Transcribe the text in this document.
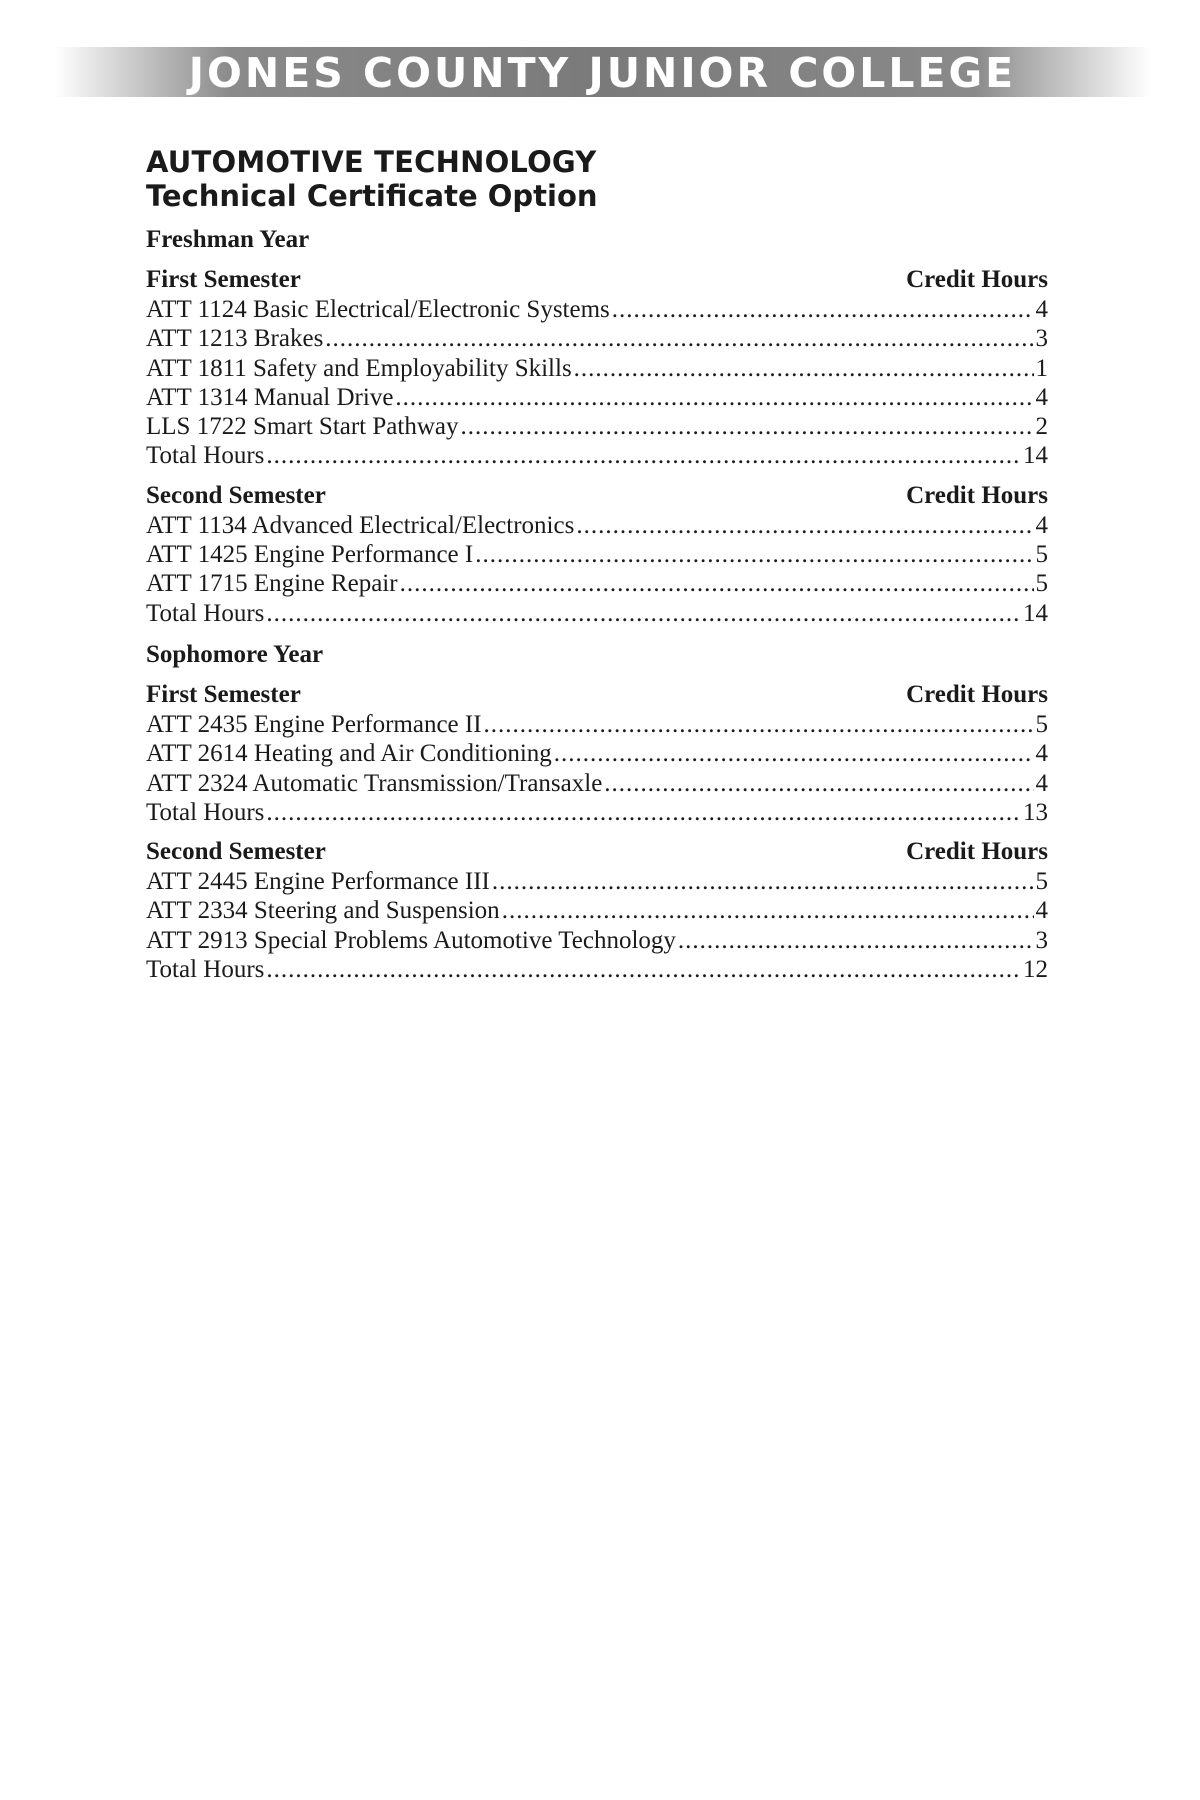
JONES COUNTY JUNIOR COLLEGE
AUTOMOTIVE TECHNOLOGY
Technical Certificate Option
Freshman Year
First Semester	Credit Hours
ATT 1124 Basic Electrical/Electronic Systems .....	4
ATT 1213 Brakes .....	3
ATT 1811 Safety and Employability Skills .....	1
ATT 1314 Manual Drive .....	4
LLS 1722 Smart Start Pathway .....	2
Total Hours .....	14
Second Semester	Credit Hours
ATT 1134 Advanced Electrical/Electronics .....	4
ATT 1425 Engine Performance I .....	5
ATT 1715 Engine Repair .....	5
Total Hours .....	14
Sophomore Year
First Semester	Credit Hours
ATT 2435 Engine Performance II .....	5
ATT 2614 Heating and Air Conditioning .....	4
ATT 2324 Automatic Transmission/Transaxle .....	4
Total Hours .....	13
Second Semester	Credit Hours
ATT 2445 Engine Performance III .....	5
ATT 2334 Steering and Suspension .....	4
ATT 2913 Special Problems Automotive Technology .....	3
Total Hours .....	12
